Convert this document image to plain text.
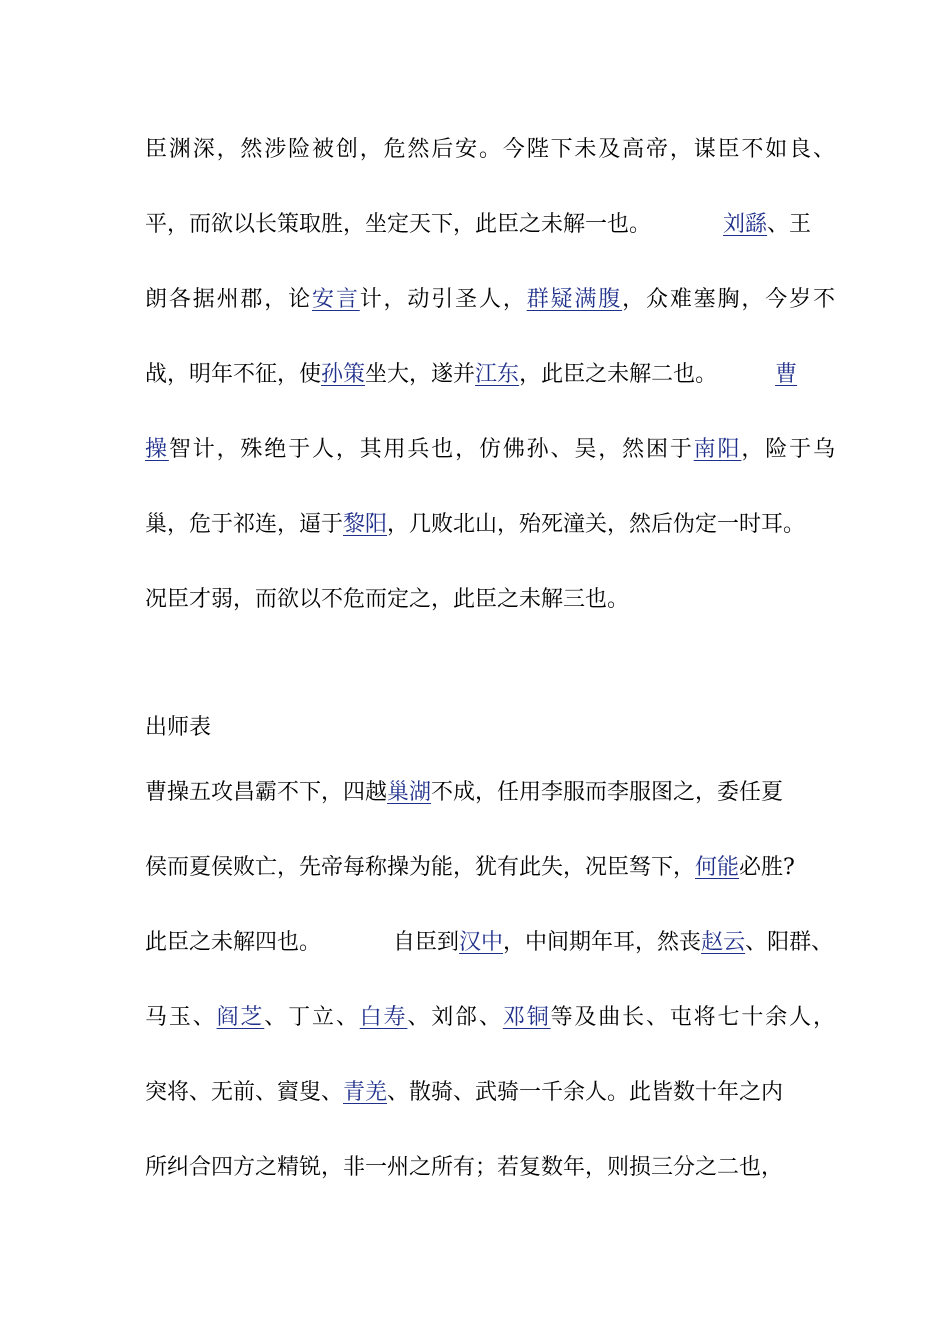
臣渊深，然涉险被创，危然后安。今陛下未及高帝，谋臣不如良、
平，而欲以长策取胜，坐定天下，此臣之未解一也。	刘繇、王
朗各据州郡，论安言计，动引圣人，群疑满腹，众难塞胸，今岁不
战，明年不征，使孙策坐大，遂并江东，此臣之未解二也。	曹
操智计，殊绝于人，其用兵也，仿佛孙、吴，然困于南阳，险于乌
巢，危于祁连，逼于黎阳，几败北山，殆死潼关，然后伪定一时耳。
况臣才弱，而欲以不危而定之，此臣之未解三也。
出师表
曹操五攻昌霸不下，四越巢湖不成，任用李服而李服图之，委任夏
侯而夏侯败亡，先帝每称操为能，犹有此失，况臣驽下，何能必胜?
此臣之未解四也。	自臣到汉中，中间期年耳，然丧赵云、阳群、
马玉、阎芝、丁立、白寿、刘郃、邓铜等及曲长、屯将七十余人，
突将、无前、賨叟、青羌、散骑、武骑一千余人。此皆数十年之内
所纠合四方之精锐，非一州之所有；若复数年，则损三分之二也，
